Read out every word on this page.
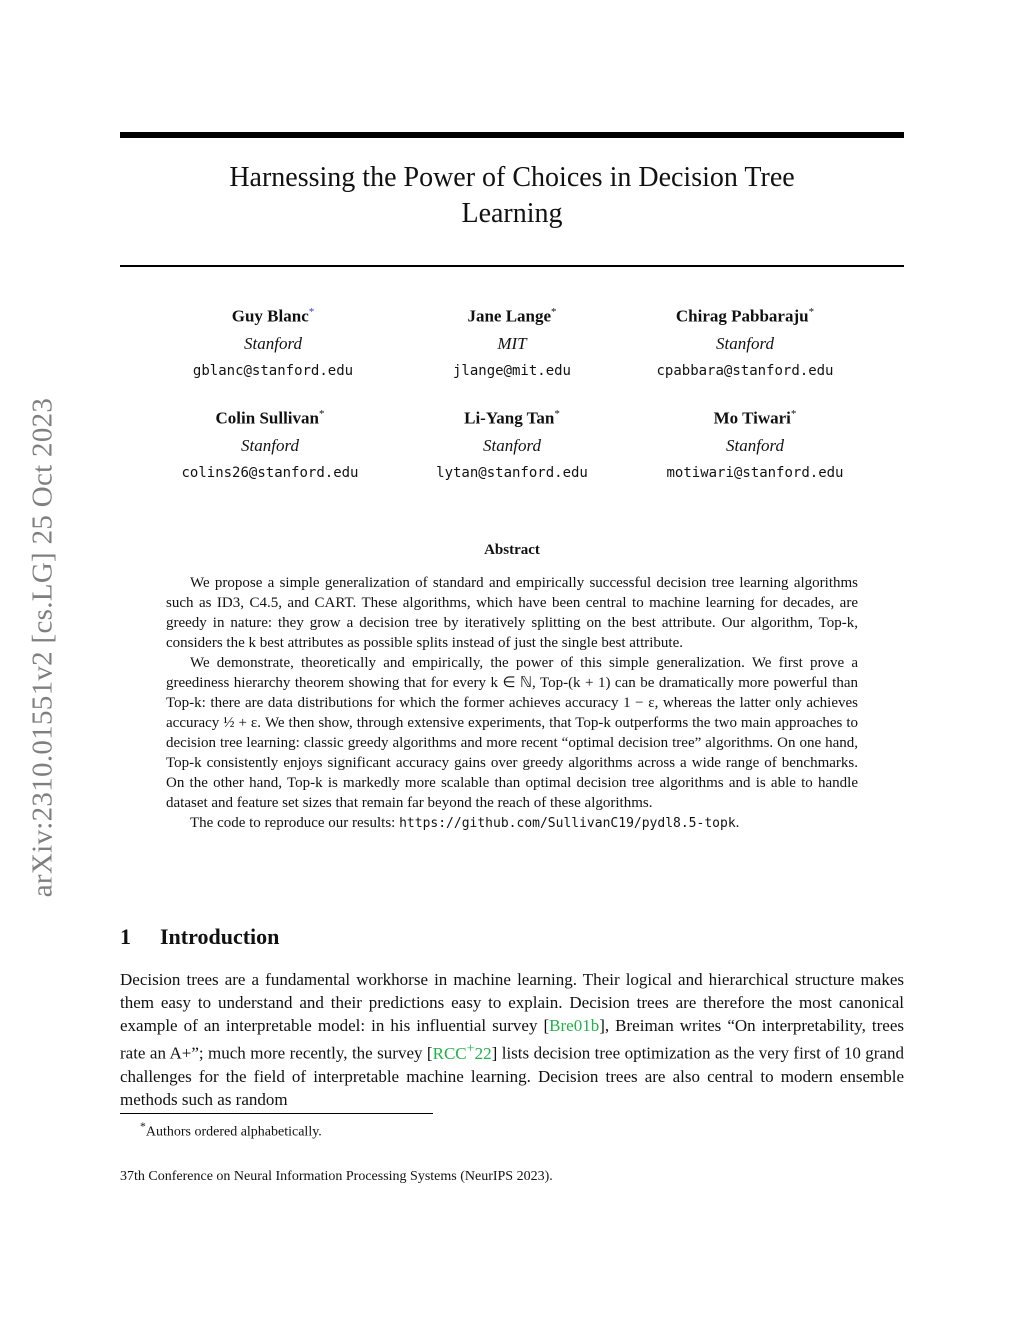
arXiv:2310.01551v2 [cs.LG] 25 Oct 2023
Harnessing the Power of Choices in Decision Tree
Learning
Guy Blanc*
Stanford
gblanc@stanford.edu
Jane Lange*
MIT
jlange@mit.edu
Chirag Pabbaraju*
Stanford
cpabbara@stanford.edu
Colin Sullivan*
Stanford
colins26@stanford.edu
Li-Yang Tan*
Stanford
lytan@stanford.edu
Mo Tiwari*
Stanford
motiwari@stanford.edu
Abstract

We propose a simple generalization of standard and empirically successful decision tree learning algorithms such as ID3, C4.5, and CART. These algorithms, which have been central to machine learning for decades, are greedy in nature: they grow a decision tree by iteratively splitting on the best attribute. Our algorithm, Top-k, considers the k best attributes as possible splits instead of just the single best attribute.

We demonstrate, theoretically and empirically, the power of this simple generalization. We first prove a greediness hierarchy theorem showing that for every k ∈ ℕ, Top-(k + 1) can be dramatically more powerful than Top-k: there are data distributions for which the former achieves accuracy 1 − ε, whereas the latter only achieves accuracy ½ + ε. We then show, through extensive experiments, that Top-k outperforms the two main approaches to decision tree learning: classic greedy algorithms and more recent “optimal decision tree” algorithms. On one hand, Top-k consistently enjoys significant accuracy gains over greedy algorithms across a wide range of benchmarks. On the other hand, Top-k is markedly more scalable than optimal decision tree algorithms and is able to handle dataset and feature set sizes that remain far beyond the reach of these algorithms.

The code to reproduce our results: https://github.com/SullivanC19/pydl8.5-topk.

1 Introduction
Decision trees are a fundamental workhorse in machine learning. Their logical and hierarchical structure makes them easy to understand and their predictions easy to explain. Decision trees are therefore the most canonical example of an interpretable model: in his influential survey [Bre01b], Breiman writes “On interpretability, trees rate an A+”; much more recently, the survey [RCC+22] lists decision tree optimization as the very first of 10 grand challenges for the field of interpretable machine learning. Decision trees are also central to modern ensemble methods such as random
*Authors ordered alphabetically.
37th Conference on Neural Information Processing Systems (NeurIPS 2023).
